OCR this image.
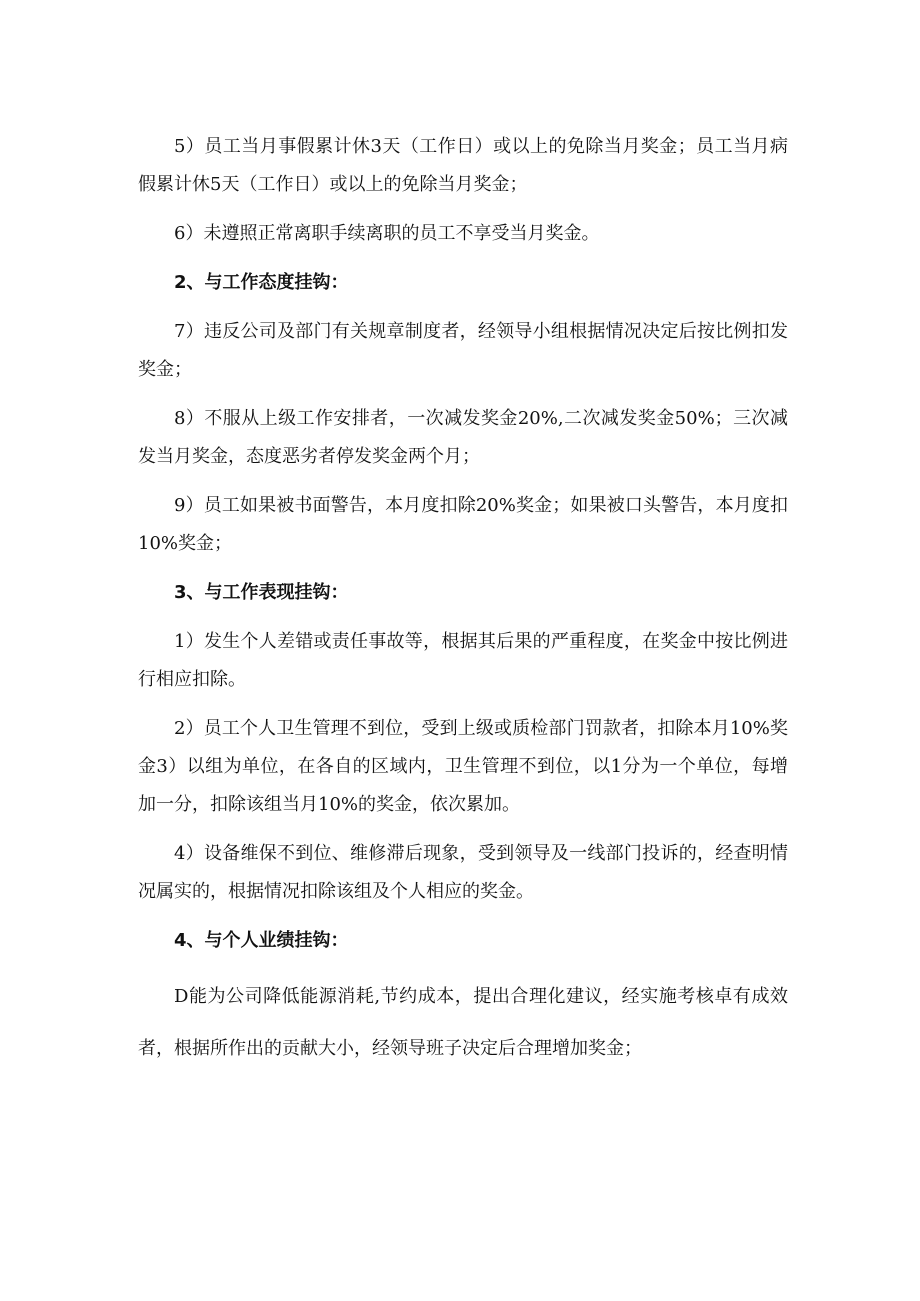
5）员工当月事假累计休3天（工作日）或以上的免除当月奖金；员工当月病假累计休5天（工作日）或以上的免除当月奖金；

6）未遵照正常离职手续离职的员工不享受当月奖金。

2、与工作态度挂钩：

7）违反公司及部门有关规章制度者，经领导小组根据情况决定后按比例扣发奖金；

8）不服从上级工作安排者，一次减发奖金20%,二次减发奖金50%；三次减发当月奖金，态度恶劣者停发奖金两个月；

9）员工如果被书面警告，本月度扣除20%奖金；如果被口头警告，本月度扣10%奖金；

3、与工作表现挂钩：

1）发生个人差错或责任事故等，根据其后果的严重程度，在奖金中按比例进行相应扣除。

2）员工个人卫生管理不到位，受到上级或质检部门罚款者，扣除本月10%奖金3）以组为单位，在各自的区域内，卫生管理不到位，以1分为一个单位，每增加一分，扣除该组当月10%的奖金，依次累加。

4）设备维保不到位、维修滞后现象，受到领导及一线部门投诉的，经查明情况属实的，根据情况扣除该组及个人相应的奖金。

4、与个人业绩挂钩：

D能为公司降低能源消耗,节约成本，提出合理化建议，经实施考核卓有成效者，根据所作出的贡献大小，经领导班子决定后合理增加奖金；
